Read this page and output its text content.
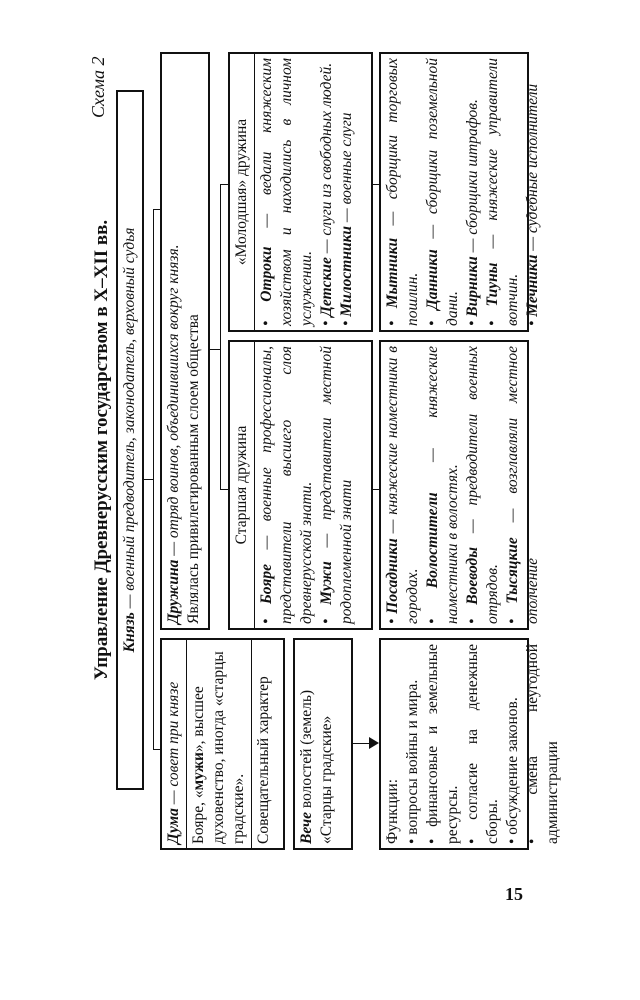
Схема 2
Управление Древнерусским государством в X–XII вв. Князь — военный предводитель, законодатель, верховный судья
Дума — совет при князе
Бояре, «мужи», высшее духовенство, иногда «старцы градские». Совещательный характер Вече волостей (земель) «Старцы градские»	Функции: • вопросы войны и мира. • финансовые и земельные ресурсы. • согласие на денежные сборы. • обсуждение законов. • смена неугодной администрации
Дружина — отряд воинов, объединившихся вокруг князя. Являлась привилегированным слоем общества Старшая дружина
• Бояре — военные профессионалы, представители высшего слоя древнерусской знати. • Мужи — представители местной родоплеменной знати
«Молодшая» дружина
• Отроки — ведали княжеским хозяйством и находились в личном услужении. • Детские — слуги из свободных людей.
• Милостники — военные слуги
• Посадники — княжеские наместники в городах. • Волостители — княжеские наместники в волостях. • Воеводы — предводители военных отрядов. • Тысяцкие — возглавляли местное ополчение
• Мытники — сборщики торговых пошлин. • Данники — сборщики поземельной дани. • Вирники — сборщики штрафов.
• Тиуны — княжеские управители вотчин. • Мечники — судебные исполнители
15
